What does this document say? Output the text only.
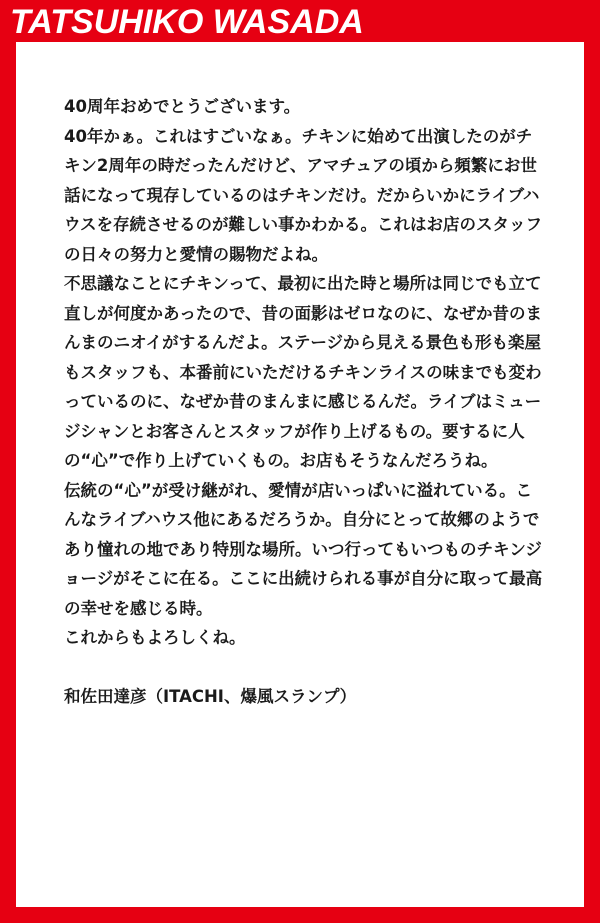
TATSUHIKO WASADA

40周年おめでとうございます。

40年かぁ。これはすごいなぁ。チキンに始めて出演したのがチキン2周年の時だったんだけど、アマチュアの頃から頻繁にお世話になって現存しているのはチキンだけ。だからいかにライブハウスを存続させるのが難しい事かわかる。これはお店のスタッフの日々の努力と愛情の賜物だよね。

不思議なことにチキンって、最初に出た時と場所は同じでも立て直しが何度かあったので、昔の面影はゼロなのに、なぜか昔のまんまのニオイがするんだよ。ステージから見える景色も形も楽屋もスタッフも、本番前にいただけるチキンライスの味までも変わっているのに、なぜか昔のまんまに感じるんだ。ライブはミュージシャンとお客さんとスタッフが作り上げるもの。要するに人の“心”で作り上げていくもの。お店もそうなんだろうね。

伝統の“心”が受け継がれ、愛情が店いっぱいに溢れている。こんなライブハウス他にあるだろうか。自分にとって故郷のようであり憧れの地であり特別な場所。いつ行ってもいつものチキンジョージがそこに在る。ここに出続けられる事が自分に取って最高の幸せを感じる時。

これからもよろしくね。

和佐田達彦（ITACHI、爆風スランプ）
